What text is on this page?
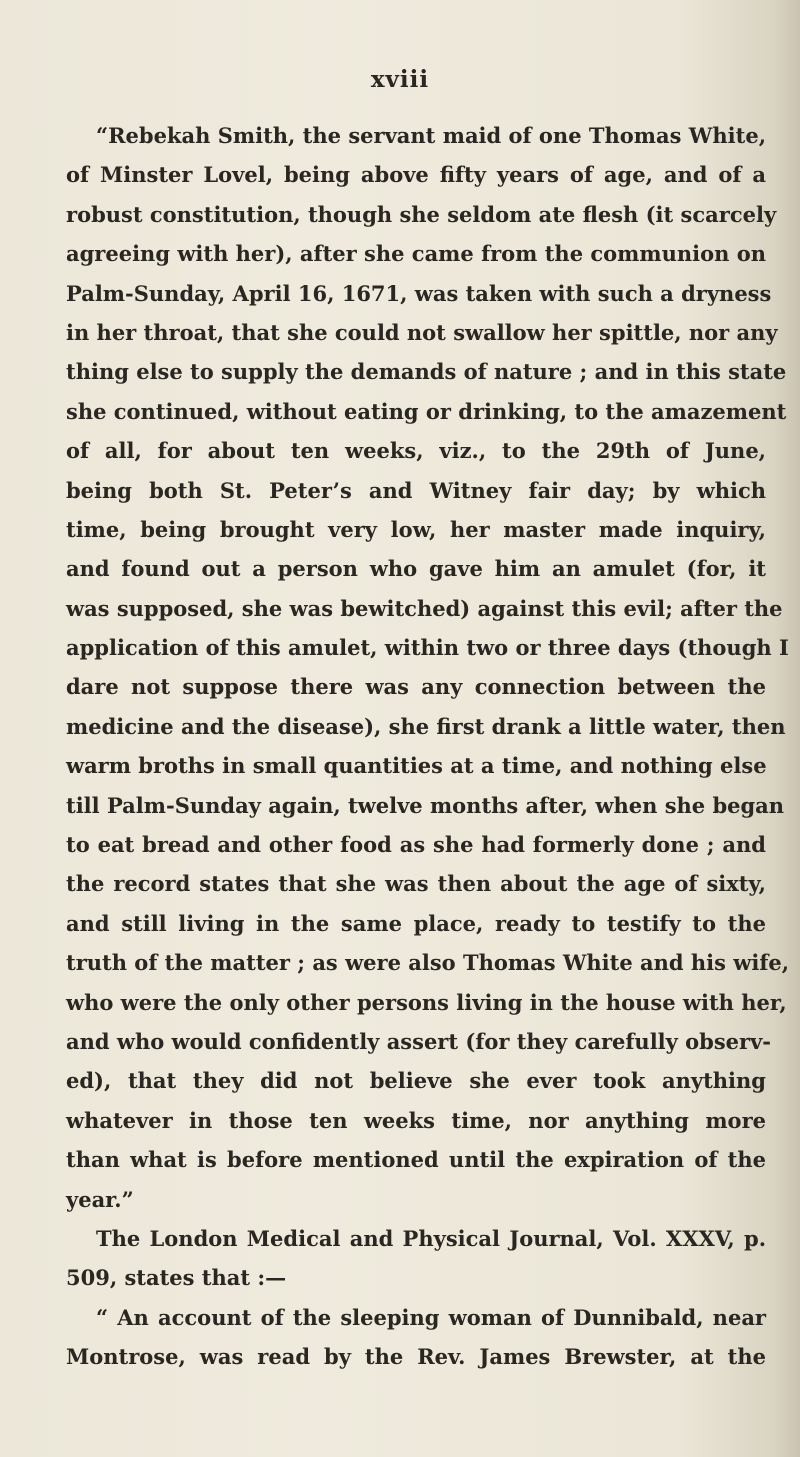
xviii
“Rebekah Smith, the servant maid of one Thomas White,
of Minster Lovel, being above fifty years of age, and of a
robust constitution, though she seldom ate flesh (it scarcely
agreeing with her), after she came from the communion on
Palm-Sunday, April 16, 1671, was taken with such a dryness
in her throat, that she could not swallow her spittle, nor any
thing else to supply the demands of nature ; and in this state
she continued, without eating or drinking, to the amazement
of all, for about ten weeks, viz., to the 29th of June,
being both St. Peter’s and Witney fair day; by which
time, being brought very low, her master made inquiry,
and found out a person who gave him an amulet (for, it
was supposed, she was bewitched) against this evil; after the
application of this amulet, within two or three days (though I
dare not suppose there was any connection between the
medicine and the disease), she first drank a little water, then
warm broths in small quantities at a time, and nothing else
till Palm-Sunday again, twelve months after, when she began
to eat bread and other food as she had formerly done ; and
the record states that she was then about the age of sixty,
and still living in the same place, ready to testify to the
truth of the matter ; as were also Thomas White and his wife,
who were the only other persons living in the house with her,
and who would confidently assert (for they carefully observ-
ed), that they did not believe she ever took anything
whatever in those ten weeks time, nor anything more
than what is before mentioned until the expiration of the
year.”
The London Medical and Physical Journal, Vol. XXXV, p.
509, states that :—
“ An account of the sleeping woman of Dunnibald, near
Montrose, was read by the Rev. James Brewster, at the
